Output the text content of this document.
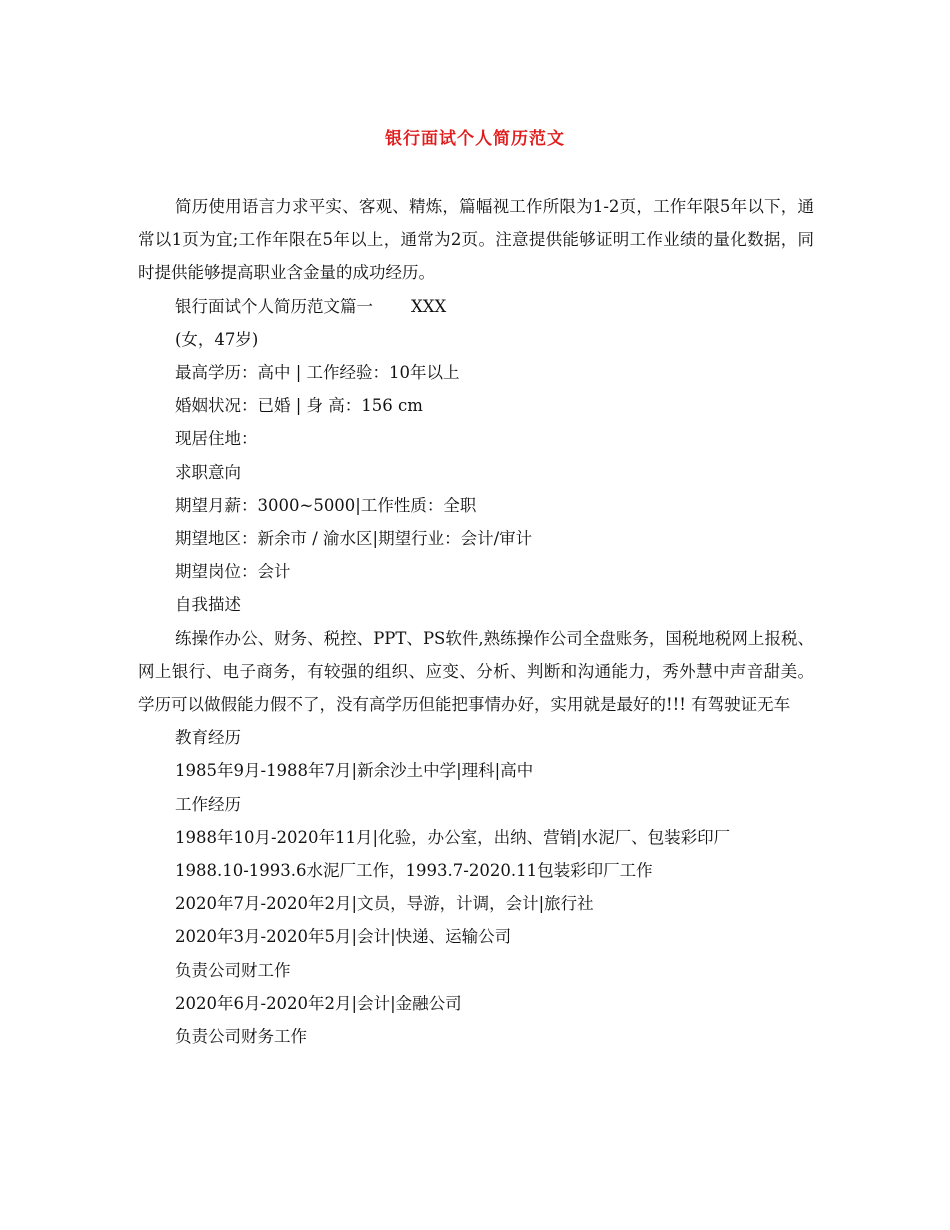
银行面试个人简历范文

简历使用语言力求平实、客观、精炼，篇幅视工作所限为1-2页，工作年限5年以下，通常以1页为宜;工作年限在5年以上，通常为2页。注意提供能够证明工作业绩的量化数据，同时提供能够提高职业含金量的成功经历。

银行面试个人简历范文篇一 XXX

(女，47岁)

最高学历：高中 | 工作经验：10年以上

婚姻状况：已婚 | 身 高：156 cm

现居住地：

求职意向

期望月薪：3000~5000|工作性质：全职

期望地区：新余市 / 渝水区|期望行业：会计/审计

期望岗位：会计

自我描述

练操作办公、财务、税控、PPT、PS软件,熟练操作公司全盘账务，国税地税网上报税、网上银行、电子商务，有较强的组织、应变、分析、判断和沟通能力，秀外慧中声音甜美。学历可以做假能力假不了，没有高学历但能把事情办好，实用就是最好的!!! 有驾驶证无车

教育经历

1985年9月-1988年7月|新余沙土中学|理科|高中

工作经历

1988年10月-2020年11月|化验，办公室，出纳、营销|水泥厂、包装彩印厂

1988.10-1993.6水泥厂工作，1993.7-2020.11包装彩印厂工作

2020年7月-2020年2月|文员，导游，计调，会计|旅行社

2020年3月-2020年5月|会计|快递、运输公司

负责公司财工作

2020年6月-2020年2月|会计|金融公司

负责公司财务工作
